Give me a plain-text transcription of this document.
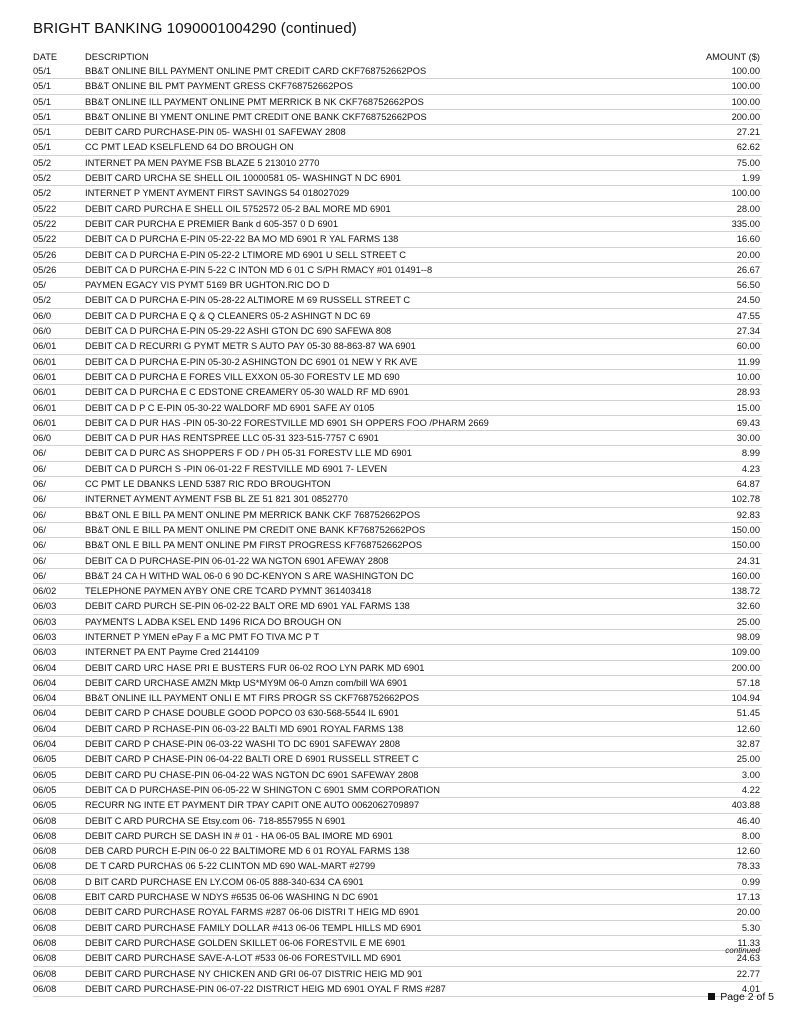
BRIGHT BANKING 1090001004290 (continued)
DATE	DESCRIPTION	AMOUNT ($)
05/1	BB&T ONLINE BILL PAYMENT ONLINE PMT CREDIT CARD CKF768752662POS	100.00
05/1	BB&T ONLINE BIL PMT PAYMENT GRESS CKF768752662POS	100.00
05/1	BB&T ONLINE ILL PAYMENT ONLINE PMT MERRICK B NK CKF768752662POS	100.00
05/1	BB&T ONLINE BI YMENT ONLINE PMT CREDIT ONE BANK CKF768752662POS	200.00
05/1	DEBIT CARD PURCHASE-PIN 05- WASHI 01 SAFEWAY 2808	27.21
05/1	CC PMT LEAD KSELFLEND 64 DO BROUGH ON	62.62
05/2	INTERNET PA MEN PAYME FSB BLAZE 5 213010 2770	75.00
05/2	DEBIT CARD URCHA SE SHELL OIL 10000581 05- WASHINGT N DC 6901	1.99
05/2	INTERNET P YMENT AYMENT FIRST SAVINGS 54 018027029	100.00
05/22	DEBIT CARD PURCHA E SHELL OIL 5752572 05-2 BAL MORE MD 6901	28.00
05/22	DEBIT CAR PURCHA E PREMIER Bank d 605-357 0 D 6901	335.00
05/22	DEBIT CA D PURCHA E-PIN 05-22-22 BA MO MD 6901 R YAL FARMS 138	16.60
05/26	DEBIT CA D PURCHA E-PIN 05-22-2 LTIMORE MD 6901 U SELL STREET C	20.00
05/26	DEBIT CA D PURCHA E-PIN 5-22 C INTON MD 6 01 C S/PH RMACY #01 01491--8	26.67
05/	PAYMEN EGACY VIS PYMT 5169 BR UGHTON.RIC DO D	56.50
05/2	DEBIT CA D PURCHA E-PIN 05-28-22 ALTIMORE M 69 RUSSELL STREET C	24.50
06/0	DEBIT CA D PURCHA E Q & Q CLEANERS 05-2 ASHINGT N DC 69	47.55
06/0	DEBIT CA D PURCHA E-PIN 05-29-22 ASHI GTON DC 690 SAFEWA 808	27.34
06/01	DEBIT CA D RECURRI G PYMT METR S AUTO PAY 05-30 88-863-87 WA 6901	60.00
06/01	DEBIT CA D PURCHA E-PIN 05-30-2 ASHINGTON DC 6901 01 NEW Y RK AVE	11.99
06/01	DEBIT CA D PURCHA E FORES VILL EXXON 05-30 FORESTV LE MD 690	10.00
06/01	DEBIT CA D PURCHA E C EDSTONE CREAMERY 05-30 WALD RF MD 6901	28.93
06/01	DEBIT CA D P C E-PIN 05-30-22 WALDORF MD 6901 SAFE AY 0105	15.00
06/01	DEBIT CA D PUR HAS -PIN 05-30-22 FORESTVILLE MD 6901 SH OPPERS FOO /PHARM 2669	69.43
06/0	DEBIT CA D PUR HAS RENTSPREE LLC 05-31 323-515-7757 C 6901	30.00
06/	DEBIT CA D PURC AS SHOPPERS F OD / PH 05-31 FORESTV LLE MD 6901	8.99
06/	DEBIT CA D PURCH S -PIN 06-01-22 F RESTVILLE MD 6901 7- LEVEN	4.23
06/	CC PMT LE DBANKS LEND 5387 RIC RDO BROUGHTON	64.87
06/	INTERNET AYMENT AYMENT FSB BL ZE 51 821 301 0852770	102.78
06/	BB&T ONL E BILL PA MENT ONLINE PM MERRICK BANK CKF 768752662POS	92.83
06/	BB&T ONL E BILL PA MENT ONLINE PM CREDIT ONE BANK KF768752662POS	150.00
06/	BB&T ONL E BILL PA MENT ONLINE PM FIRST PROGRESS KF768752662POS	150.00
06/	DEBIT CA D PURCHASE-PIN 06-01-22 WA NGTON 6901 AFEWAY 2808	24.31
06/	BB&T 24 CA H WITHD WAL 06-0 6 90 DC-KENYON S ARE WASHINGTON DC	160.00
06/02	TELEPHONE PAYMEN AYBY ONE CRE TCARD PYMNT 361403418	138.72
06/03	DEBIT CARD PURCH SE-PIN 06-02-22 BALT ORE MD 6901 YAL FARMS 138	32.60
06/03	PAYMENTS L ADBA KSEL END 1496 RICA DO BROUGH ON	25.00
06/03	INTERNET P YMEN ePay F a MC PMT FO TIVA MC P T	98.09
06/03	INTERNET PA ENT Payme Cred 2144109	109.00
06/04	DEBIT CARD URC HASE PRI E BUSTERS FUR 06-02 ROO LYN PARK MD 6901	200.00
06/04	DEBIT CARD URCHASE AMZN Mktp US*MY9M 06-0 Amzn com/bill WA 6901	57.18
06/04	BB&T ONLINE ILL PAYMENT ONLI E MT FIRS PROGR SS CKF768752662POS	104.94
06/04	DEBIT CARD P CHASE DOUBLE GOOD POPCO 03 630-568-5544 IL 6901	51.45
06/04	DEBIT CARD P RCHASE-PIN 06-03-22 BALTI MD 6901 ROYAL FARMS 138	12.60
06/04	DEBIT CARD P CHASE-PIN 06-03-22 WASHI TO DC 6901 SAFEWAY 2808	32.87
06/05	DEBIT CARD P CHASE-PIN 06-04-22 BALTI ORE D 6901 RUSSELL STREET C	25.00
06/05	DEBIT CARD PU CHASE-PIN 06-04-22 WAS NGTON DC 6901 SAFEWAY 2808	3.00
06/05	DEBIT CA D PURCHASE-PIN 06-05-22 W SHINGTON C 6901 SMM CORPORATION	4.22
06/05	RECURR NG INTE ET PAYMENT DIR TPAY CAPIT ONE AUTO 0062062709897	403.88
06/08	DEBIT C ARD PURCHA SE Etsy.com 06- 718-8557955 N 6901	46.40
06/08	DEBIT CARD PURCH SE DASH IN # 01 - HA 06-05 BAL IMORE MD 6901	8.00
06/08	DEB CARD PURCH E-PIN 06-0 22 BALTIMORE MD 6 01 ROYAL FARMS 138	12.60
06/08	DE T CARD PURCHAS 06 5-22 CLINTON MD 690 WAL-MART #2799	78.33
06/08	D BIT CARD PURCHASE EN LY.COM 06-05 888-340-634 CA 6901	0.99
06/08	EBIT CARD PURCHASE W NDYS #6535 06-06 WASHING N DC 6901	17.13
06/08	DEBIT CARD PURCHASE ROYAL FARMS #287 06-06 DISTRI T HEIG MD 6901	20.00
06/08	DEBIT CARD PURCHASE FAMILY DOLLAR #413 06-06 TEMPL HILLS MD 6901	5.30
06/08	DEBIT CARD PURCHASE GOLDEN SKILLET 06-06 FORESTVIL E ME 6901	11.33
06/08	DEBIT CARD PURCHASE SAVE-A-LOT #533 06-06 FORESTVILL MD 6901	24.63
06/08	DEBIT CARD PURCHASE NY CHICKEN AND GRI 06-07 DISTRIC HEIG MD 901	22.77
06/08	DEBIT CARD PURCHASE-PIN 06-07-22 DISTRICT HEIG MD 6901 OYAL F RMS #287	4.01
continued
Page 2 of 5
